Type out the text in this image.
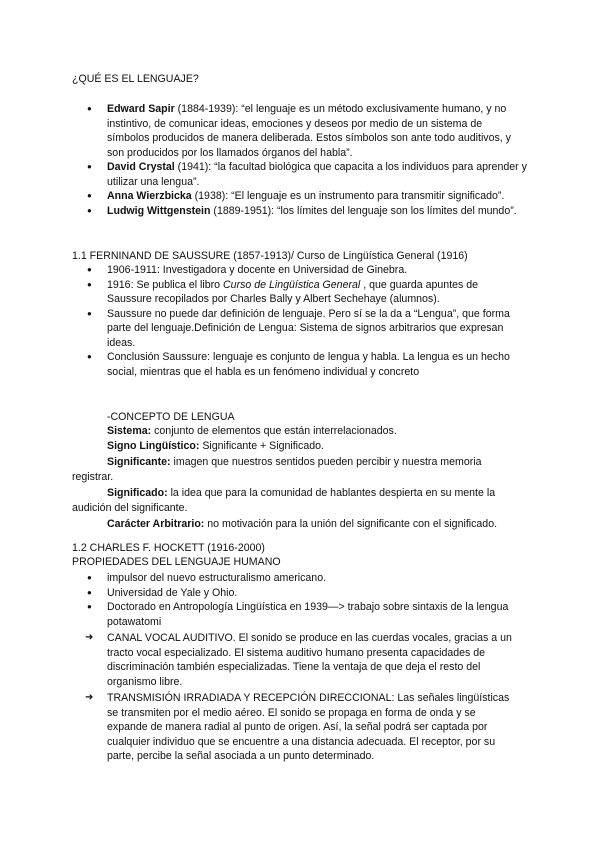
¿QUÉ ES EL LENGUAJE?
● Edward Sapir (1884-1939): “el lenguaje es un método exclusivamente humano, y no instintivo, de comunicar ideas, emociones y deseos por medio de un sistema de símbolos producidos de manera deliberada. Estos símbolos son ante todo auditivos, y son producidos por los llamados órganos del habla”.
● David Crystal (1941): “la facultad biológica que capacita a los individuos para aprender y utilizar una lengua”.
● Anna Wierzbicka (1938): “El lenguaje es un instrumento para transmitir significado”.
● Ludwig Wittgenstein (1889-1951): “los límites del lenguaje son los límites del mundo”.
1.1 FERNINAND DE SAUSSURE (1857-1913)/ Curso de Lingüística General (1916)
● 1906-1911: Investigadora y docente en Universidad de Ginebra.
● 1916: Se publica el libro Curso de Lingüística General , que guarda apuntes de Saussure recopilados por Charles Bally y Albert Sechehaye (alumnos).
● Saussure no puede dar definición de lenguaje. Pero sí se la da a “Lengua”, que forma parte del lenguaje.Definición de Lengua: Sistema de signos arbitrarios que expresan ideas.
● Conclusión Saussure: lenguaje es conjunto de lengua y habla. La lengua es un hecho social, mientras que el habla es un fenómeno individual y concreto
-CONCEPTO DE LENGUA

Sistema: conjunto de elementos que están interrelacionados.

Signo Lingüístico: Significante + Significado.

Significante: imagen que nuestros sentidos pueden percibir y nuestra memoria registrar.

Significado: la idea que para la comunidad de hablantes despierta en su mente la audición del significante.

Carácter Arbitrario: no motivación para la unión del significante con el significado.

1.2 CHARLES F. HOCKETT (1916-2000)
PROPIEDADES DEL LENGUAJE HUMANO
● impulsor del nuevo estructuralismo americano.
● Universidad de Yale y Ohio.
● Doctorado en Antropología Lingüística en 1939—> trabajo sobre sintaxis de la lengua potawatomi
➜ CANAL VOCAL AUDITIVO. El sonido se produce en las cuerdas vocales, gracias a un tracto vocal especializado. El sistema auditivo humano presenta capacidades de discriminación también especializadas. Tiene la ventaja de que deja el resto del organismo libre.
➜ TRANSMISIÓN IRRADIADA Y RECEPCIÓN DIRECCIONAL: Las señales lingüísticas se transmiten por el medio aéreo. El sonido se propaga en forma de onda y se expande de manera radial al punto de origen. Así, la señal podrá ser captada por cualquier individuo que se encuentre a una distancia adecuada. El receptor, por su parte, percibe la señal asociada a un punto determinado.
